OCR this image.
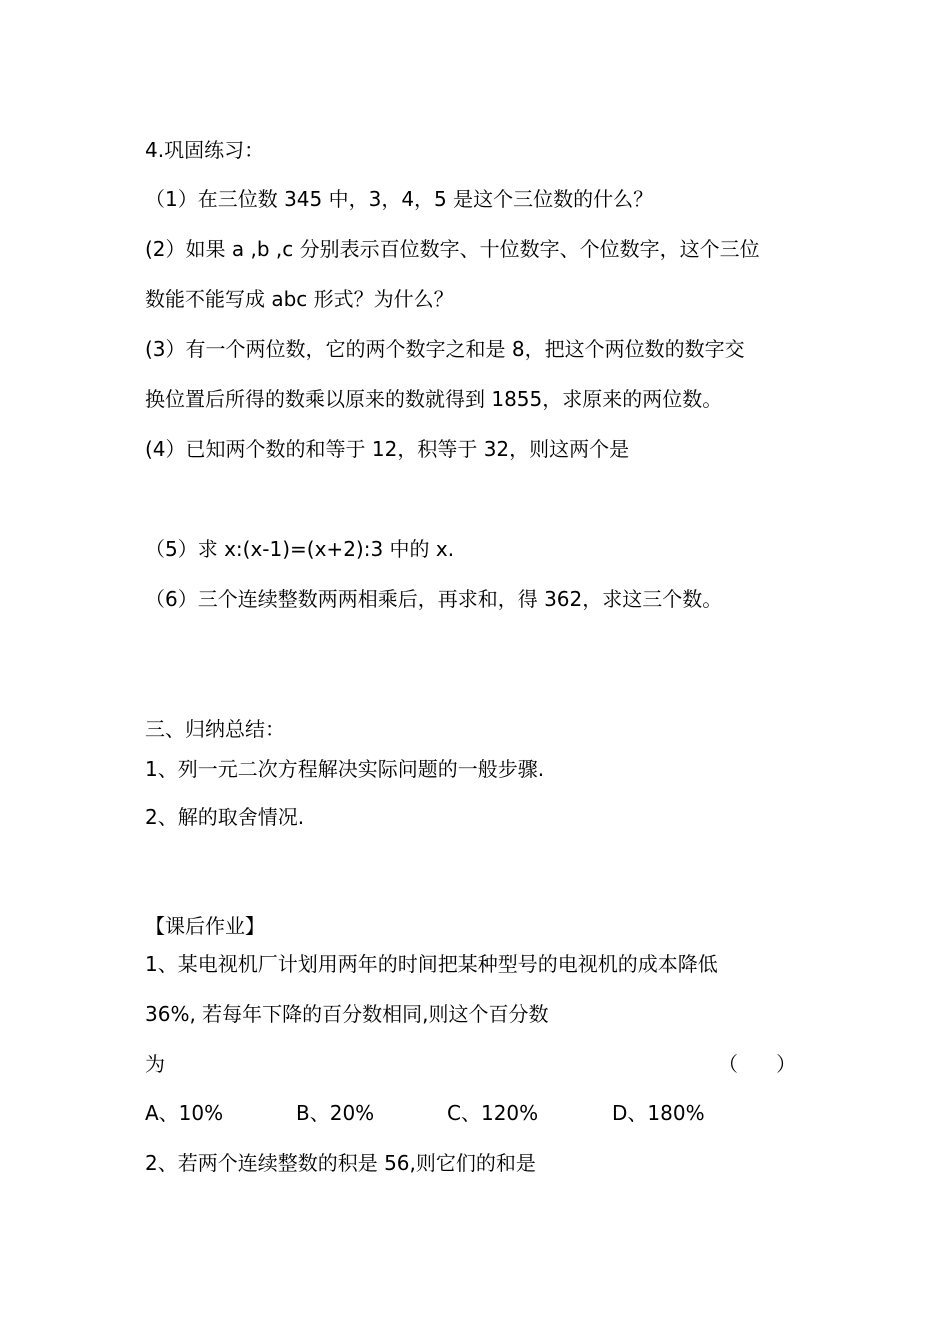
4.巩固练习：
（1）在三位数 345 中，3，4，5 是这个三位数的什么？
(2）如果 a ,b ,c 分别表示百位数字、十位数字、个位数字，这个三位
数能不能写成 abc 形式？为什么？
(3）有一个两位数，它的两个数字之和是 8，把这个两位数的数字交
换位置后所得的数乘以原来的数就得到 1855，求原来的两位数。
(4）已知两个数的和等于 12，积等于 32，则这两个是
（5）求 x:(x-1)=(x+2):3 中的 x.
（6）三个连续整数两两相乘后，再求和，得 362，求这三个数。
三、归纳总结：
1、列一元二次方程解决实际问题的一般步骤.
2、解的取舍情况.
【课后作业】
1、某电视机厂计划用两年的时间把某种型号的电视机的成本降低
36%, 若每年下降的百分数相同,则这个百分数
为	（      ）
A、10%	B、20%	C、120%	D、180%
2、若两个连续整数的积是 56,则它们的和是
